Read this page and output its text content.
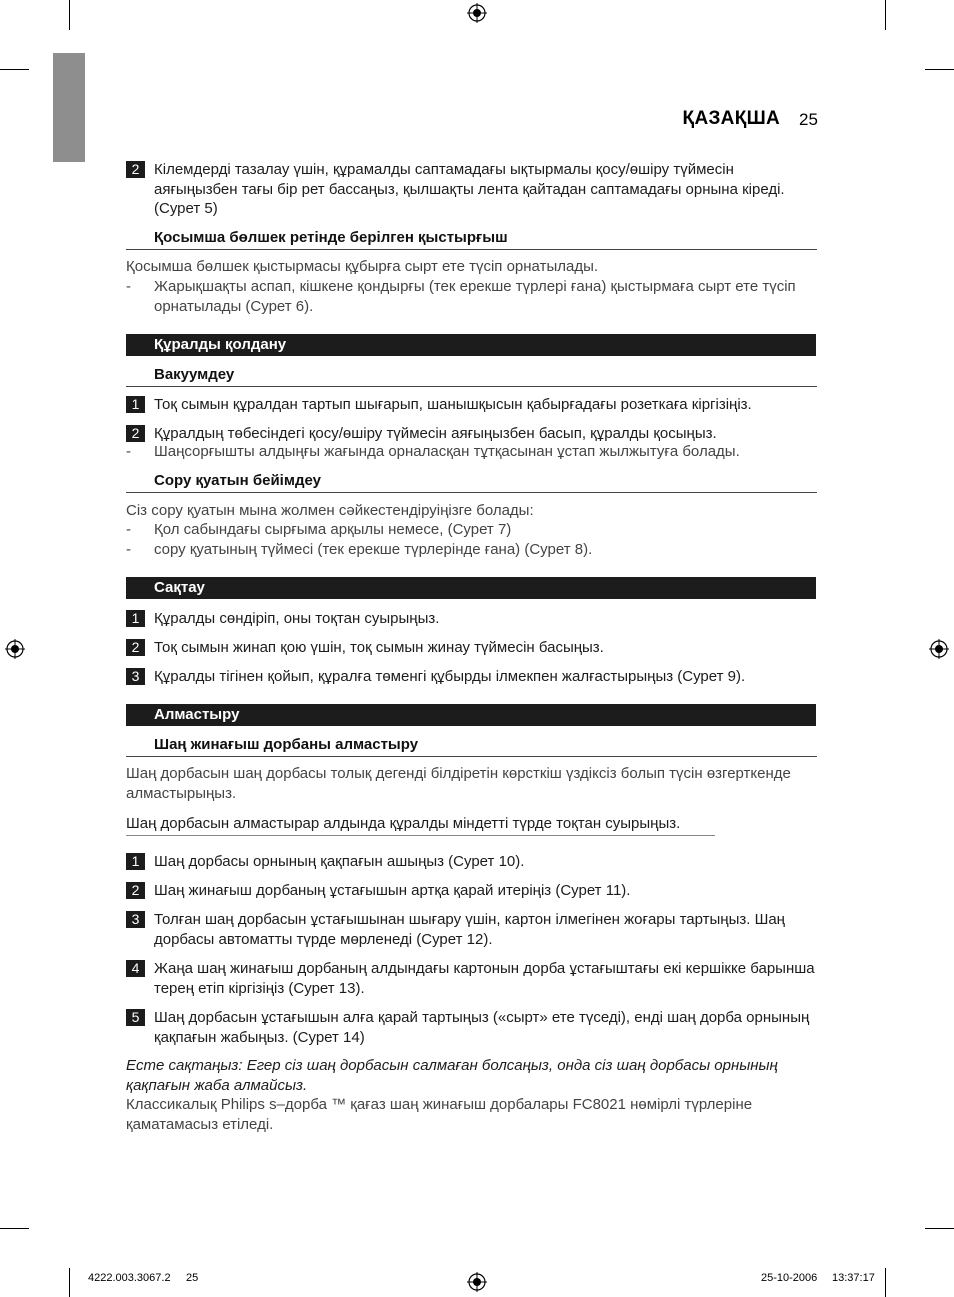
ҚАЗАҚША 25
2 Кілемдерді тазалау үшін, құрамалды саптамадағы ықтырмалы қосу/өшіру түймесін аяғыңызбен тағы бір рет бассаңыз, қылшақты лента қайтадан саптамадағы орнына кіреді. (Сурет 5)
Қосымша бөлшек ретінде берілген қыстырғыш
Қосымша бөлшек қыстырмасы құбырға сырт ете түсіп орнатылады.
- Жарықшақты аспап, кішкене қондырғы (тек ерекше түрлері ғана) қыстырмаға сырт ете түсіп орнатылады (Сурет 6).
Құралды қолдану
Вакуумдеу
1 Тоқ сымын құралдан тартып шығарып, шанышқысын қабырғадағы розеткаға кіргізіңіз.
2 Құралдың төбесіндегі қосу/өшіру түймесін аяғыңызбен басып, құралды қосыңыз.
- Шаңсорғышты алдыңғы жағында орналасқан тұтқасынан ұстап жылжытуға болады.
Сору қуатын бейімдеу
Сіз сору қуатын мына жолмен сәйкестендіруіңізге болады:
- Қол сабындағы сырғыма арқылы немесе, (Сурет 7)
- сору қуатының түймесі (тек ерекше түрлерінде ғана) (Сурет 8).
Сақтау
1 Құралды сөндіріп, оны тоқтан суырыңыз.
2 Тоқ сымын жинап қою үшін, тоқ сымын жинау түймесін басыңыз.
3 Құралды тігінен қойып, құралға төменгі құбырды ілмекпен жалғастырыңыз (Сурет 9).
Алмастыру
Шаң жинағыш дорбаны алмастыру
Шаң дорбасын шаң дорбасы толық дегенді білдіретін көрсткіш үздіксіз болып түсін өзгерткенде алмастырыңыз.
Шаң дорбасын алмастырар алдында құралды міндетті түрде тоқтан суырыңыз.
1 Шаң дорбасы орнының қақпағын ашыңыз (Сурет 10).
2 Шаң жинағыш дорбаның ұстағышын артқа қарай итеріңіз (Сурет 11).
3 Толған шаң дорбасын ұстағышынан шығару үшін, картон ілмегінен жоғары тартыңыз. Шаң дорбасы автоматты түрде мөрленеді (Сурет 12).
4 Жаңа шаң жинағыш дорбаның алдындағы картонын дорба ұстағыштағы екі кершікке барынша терең етіп кіргізіңіз (Сурет 13).
5 Шаң дорбасын ұстағышын алға қарай тартыңыз («сырт» ете түседі), енді шаң дорба орнының қақпағын жабыңыз. (Сурет 14)
Есте сақтаңыз: Егер сіз шаң дорбасын салмаған болсаңыз, онда сіз шаң дорбасы орнының қақпағын жаба алмайсыз.
Классикалық Philips s–дорба ™ қағаз шаң жинағыш дорбалары FC8021 нөмірлі түрлеріне қаматамасыз етіледі.
4222.003.3067.2 25	25-10-2006 13:37:17
